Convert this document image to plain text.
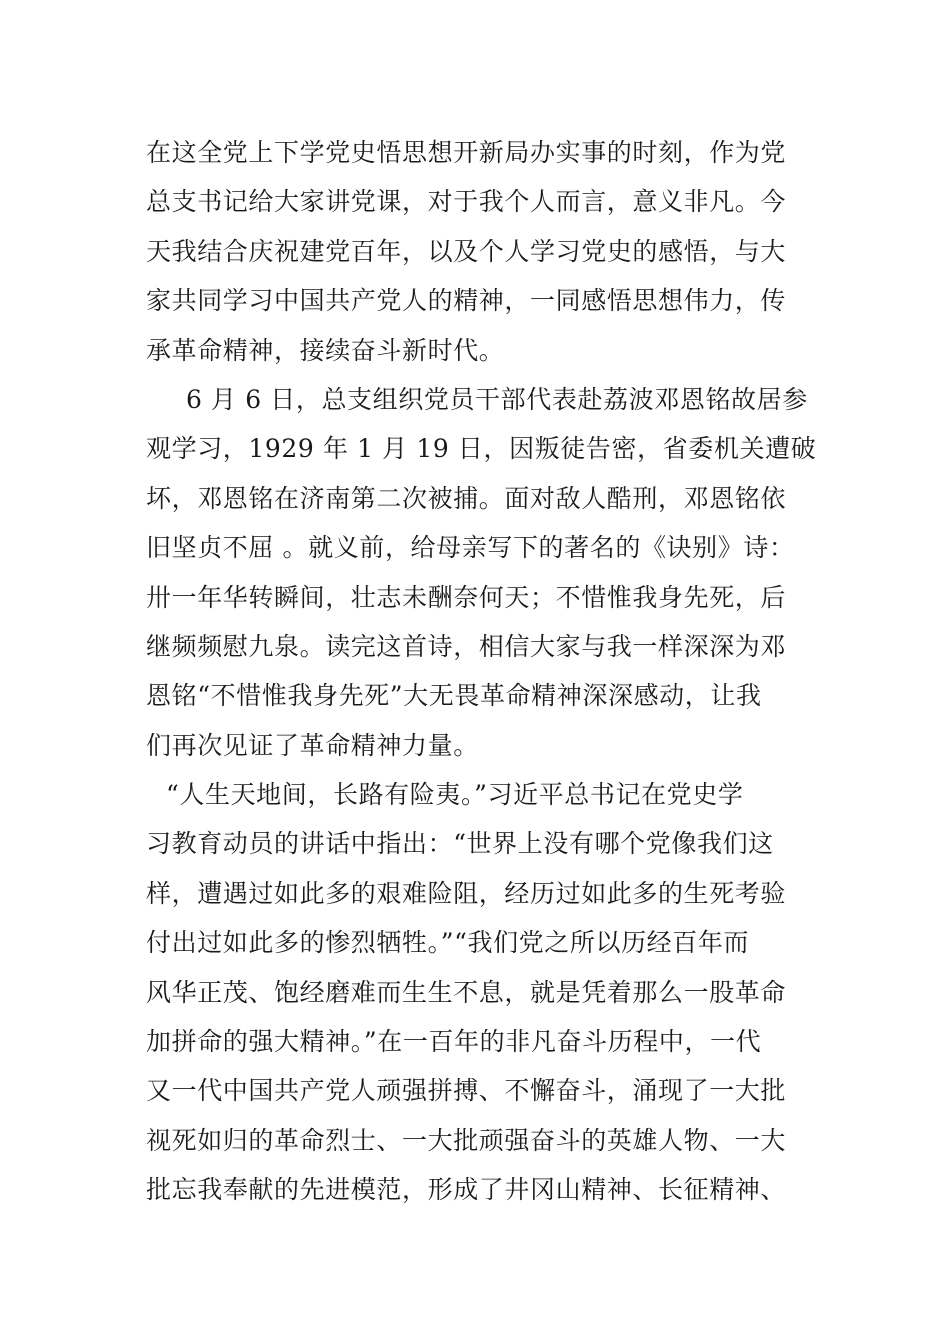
在这全党上下学党史悟思想开新局办实事的时刻，作为党
总支书记给大家讲党课，对于我个人而言，意义非凡。今
天我结合庆祝建党百年，以及个人学习党史的感悟，与大
家共同学习中国共产党人的精神，一同感悟思想伟力，传
承革命精神，接续奋斗新时代。
6 月 6 日，总支组织党员干部代表赴荔波邓恩铭故居参
观学习，1929 年 1 月 19 日，因叛徒告密，省委机关遭破
坏，邓恩铭在济南第二次被捕。面对敌人酷刑，邓恩铭依
旧坚贞不屈 。就义前，给母亲写下的著名的《诀别》诗：
卅一年华转瞬间，壮志未酬奈何天；不惜惟我身先死，后
继频频慰九泉。读完这首诗，相信大家与我一样深深为邓
恩铭“不惜惟我身先死”大无畏革命精神深深感动，让我
们再次见证了革命精神力量。
“人生天地间，长路有险夷。”习近平总书记在党史学
习教育动员的讲话中指出：“世界上没有哪个党像我们这
样，遭遇过如此多的艰难险阻，经历过如此多的生死考验
付出过如此多的惨烈牺牲。”“我们党之所以历经百年而
风华正茂、饱经磨难而生生不息，就是凭着那么一股革命
加拼命的强大精神。”在一百年的非凡奋斗历程中，一代
又一代中国共产党人顽强拼搏、不懈奋斗，涌现了一大批
视死如归的革命烈士、一大批顽强奋斗的英雄人物、一大
批忘我奉献的先进模范，形成了井冈山精神、长征精神、
